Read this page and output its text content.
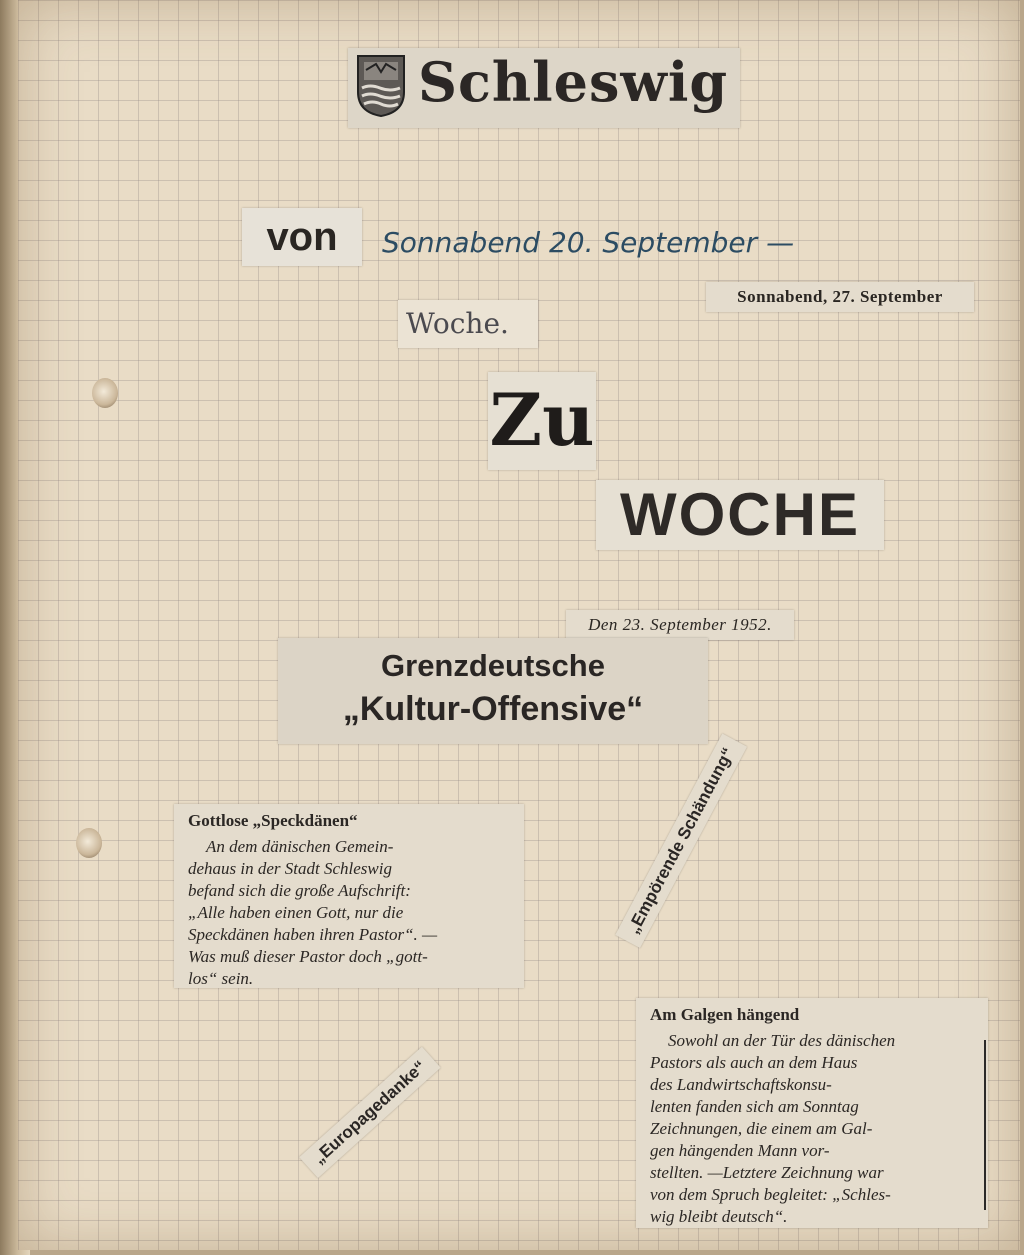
Schleswig
von	Sonnabend 20. September —
Sonnabend, 27. September
Woche.
Zu
WOCHE
Den 23. September 1952.
Grenzdeutsche
„Kultur-Offensive“
Gottlose „Speckdänen“
An dem dänischen Gemein-
dehaus in der Stadt Schleswig
befand sich die große Aufschrift:
„Alle haben einen Gott, nur die
Speckdänen haben ihren Pastor“. —
Was muß dieser Pastor doch „gott-
los“ sein.
„Empörende Schändung“
„Europagedanke“
Am Galgen hängend
Sowohl an der Tür des dänischen
Pastors als auch an dem Haus
des Landwirtschaftskonsu-
lenten fanden sich am Sonntag
Zeichnungen, die einem am Gal-
gen hängenden Mann vor-
stellten. —Letztere Zeichnung war
von dem Spruch begleitet: „Schles-
wig bleibt deutsch“.
